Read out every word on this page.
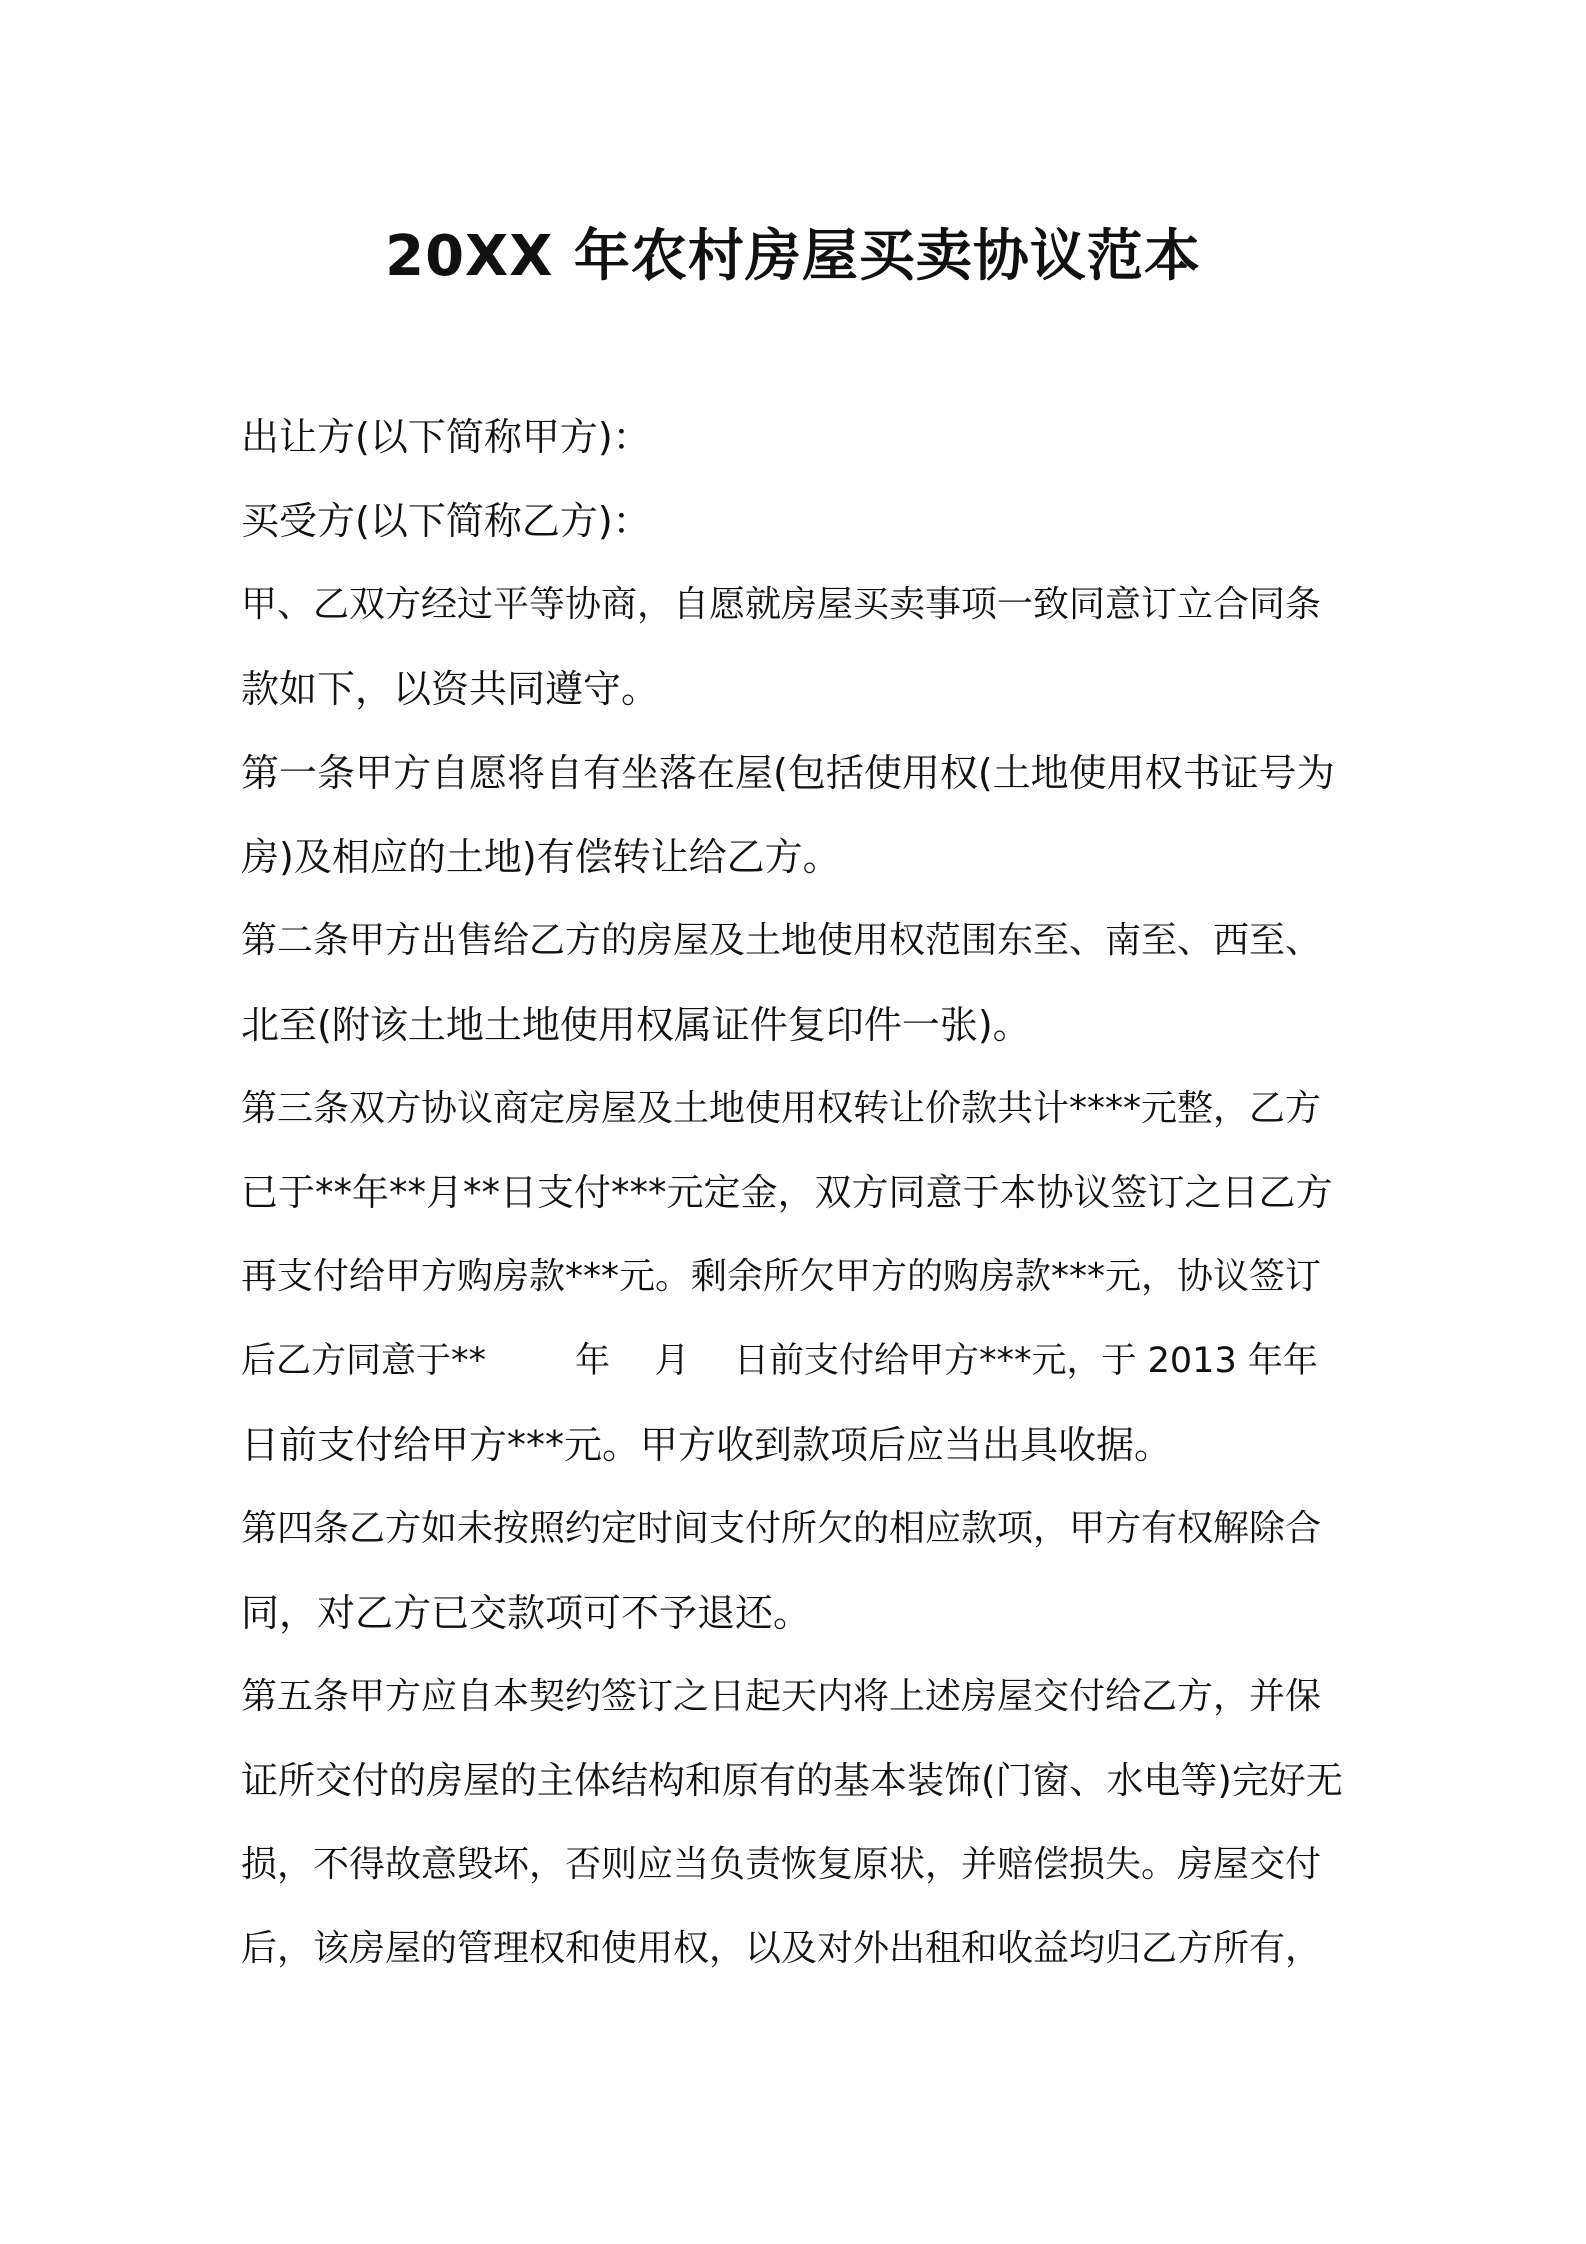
20XX 年农村房屋买卖协议范本
出让方(以下简称甲方)：
买受方(以下简称乙方)：
甲、乙双方经过平等协商，自愿就房屋买卖事项一致同意订立合同条
款如下，以资共同遵守。
第一条甲方自愿将自有坐落在屋(包括使用权(土地使用权书证号为
房)及相应的土地)有偿转让给乙方。
第二条甲方出售给乙方的房屋及土地使用权范围东至、南至、西至、
北至(附该土地土地使用权属证件复印件一张)。
第三条双方协议商定房屋及土地使用权转让价款共计****元整，乙方
已于**年**月**日支付***元定金，双方同意于本协议签订之日乙方
再支付给甲方购房款***元。剩余所欠甲方的购房款***元，协议签订
后乙方同意于**        年    月    日前支付给甲方***元，于 2013 年年
日前支付给甲方***元。甲方收到款项后应当出具收据。
第四条乙方如未按照约定时间支付所欠的相应款项，甲方有权解除合
同，对乙方已交款项可不予退还。
第五条甲方应自本契约签订之日起天内将上述房屋交付给乙方，并保
证所交付的房屋的主体结构和原有的基本装饰(门窗、水电等)完好无
损，不得故意毁坏，否则应当负责恢复原状，并赔偿损失。房屋交付
后，该房屋的管理权和使用权，以及对外出租和收益均归乙方所有，
